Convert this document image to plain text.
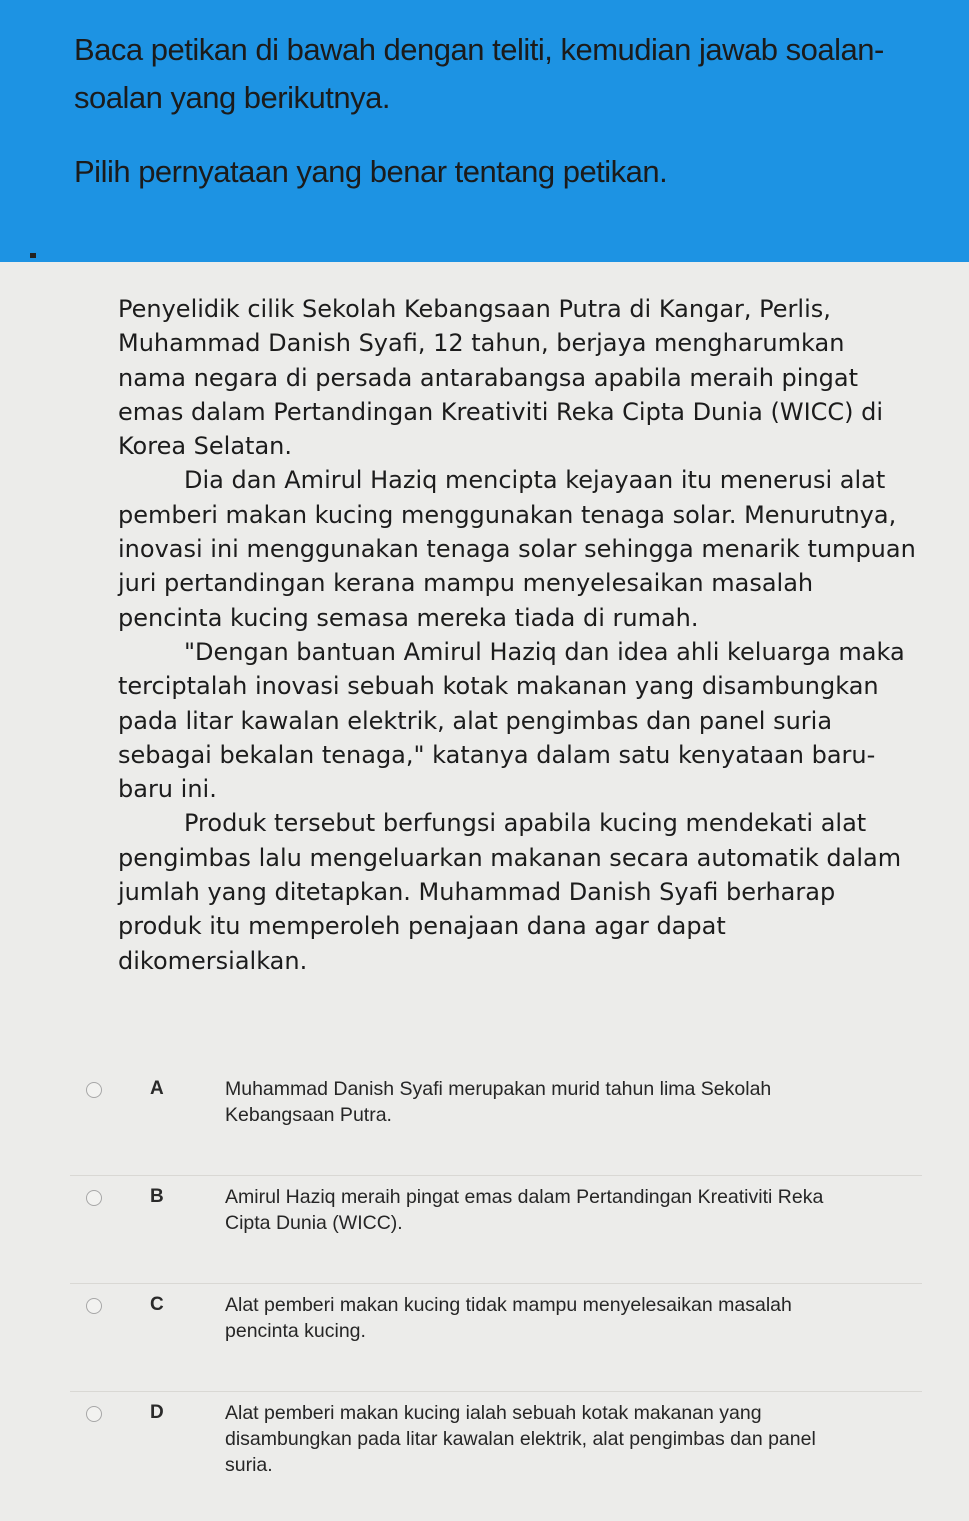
Baca petikan di bawah dengan teliti, kemudian jawab soalan-soalan yang berikutnya.
Pilih pernyataan yang benar tentang petikan.

Penyelidik cilik Sekolah Kebangsaan Putra di Kangar, Perlis, Muhammad Danish Syafi, 12 tahun, berjaya mengharumkan nama negara di persada antarabangsa apabila meraih pingat emas dalam Pertandingan Kreativiti Reka Cipta Dunia (WICC) di Korea Selatan.

Dia dan Amirul Haziq mencipta kejayaan itu menerusi alat pemberi makan kucing menggunakan tenaga solar. Menurutnya, inovasi ini menggunakan tenaga solar sehingga menarik tumpuan juri pertandingan kerana mampu menyelesaikan masalah pencinta kucing semasa mereka tiada di rumah.

"Dengan bantuan Amirul Haziq dan idea ahli keluarga maka terciptalah inovasi sebuah kotak makanan yang disambungkan pada litar kawalan elektrik, alat pengimbas dan panel suria sebagai bekalan tenaga," katanya dalam satu kenyataan baru-baru ini.

Produk tersebut berfungsi apabila kucing mendekati alat pengimbas lalu mengeluarkan makanan secara automatik dalam jumlah yang ditetapkan. Muhammad Danish Syafi berharap produk itu memperoleh penajaan dana agar dapat dikomersialkan.

A	Muhammad Danish Syafi merupakan murid tahun lima Sekolah Kebangsaan Putra.
B	Amirul Haziq meraih pingat emas dalam Pertandingan Kreativiti Reka Cipta Dunia (WICC).
C	Alat pemberi makan kucing tidak mampu menyelesaikan masalah pencinta kucing.
D	Alat pemberi makan kucing ialah sebuah kotak makanan yang disambungkan pada litar kawalan elektrik, alat pengimbas dan panel suria.
